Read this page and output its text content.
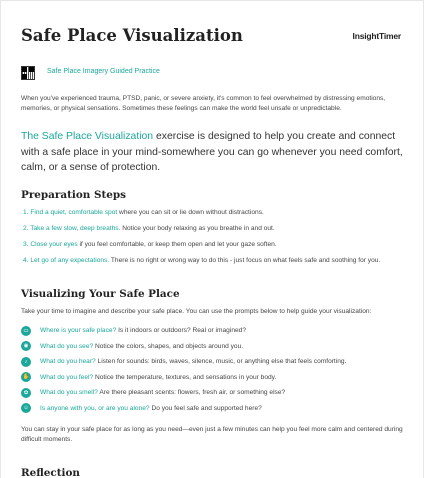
Safe Place Visualization	InsightTimer
Safe Place Imagery Guided Practice
When you've experienced trauma, PTSD, panic, or severe anxiety, it's common to feel overwhelmed by distressing emotions, memories, or physical sensations. Sometimes these feelings can make the world feel unsafe or unpredictable.
The Safe Place Visualization exercise is designed to help you create and connect with a safe place in your mind-somewhere you can go whenever you need comfort, calm, or a sense of protection.
Preparation Steps
1. Find a quiet, comfortable spot where you can sit or lie down without distractions.
2. Take a few slow, deep breaths. Notice your body relaxing as you breathe in and out.
3. Close your eyes if you feel comfortable, or keep them open and let your gaze soften.
4. Let go of any expectations. There is no right or wrong way to do this - just focus on what feels safe and soothing for you.
Visualizing Your Safe Place
Take your time to imagine and describe your safe place. You can use the prompts below to help guide your visualization:
▭	Where is your safe place? Is it indoors or outdoors? Real or imagined?
◉	What do you see? Notice the colors, shapes, and objects around you.
♪	What do you hear? Listen for sounds: birds, waves, silence, music, or anything else that feels comforting.
✋ What do you feel? Notice the temperature, textures, and sensations in your body.
✿	What do you smell? Are there pleasant scents: flowers, fresh air, or something else?
☺	Is anyone with you, or are you alone? Do you feel safe and supported here?
You can stay in your safe place for as long as you need—even just a few minutes can help you feel more calm and centered during difficult moments.
Reflection
